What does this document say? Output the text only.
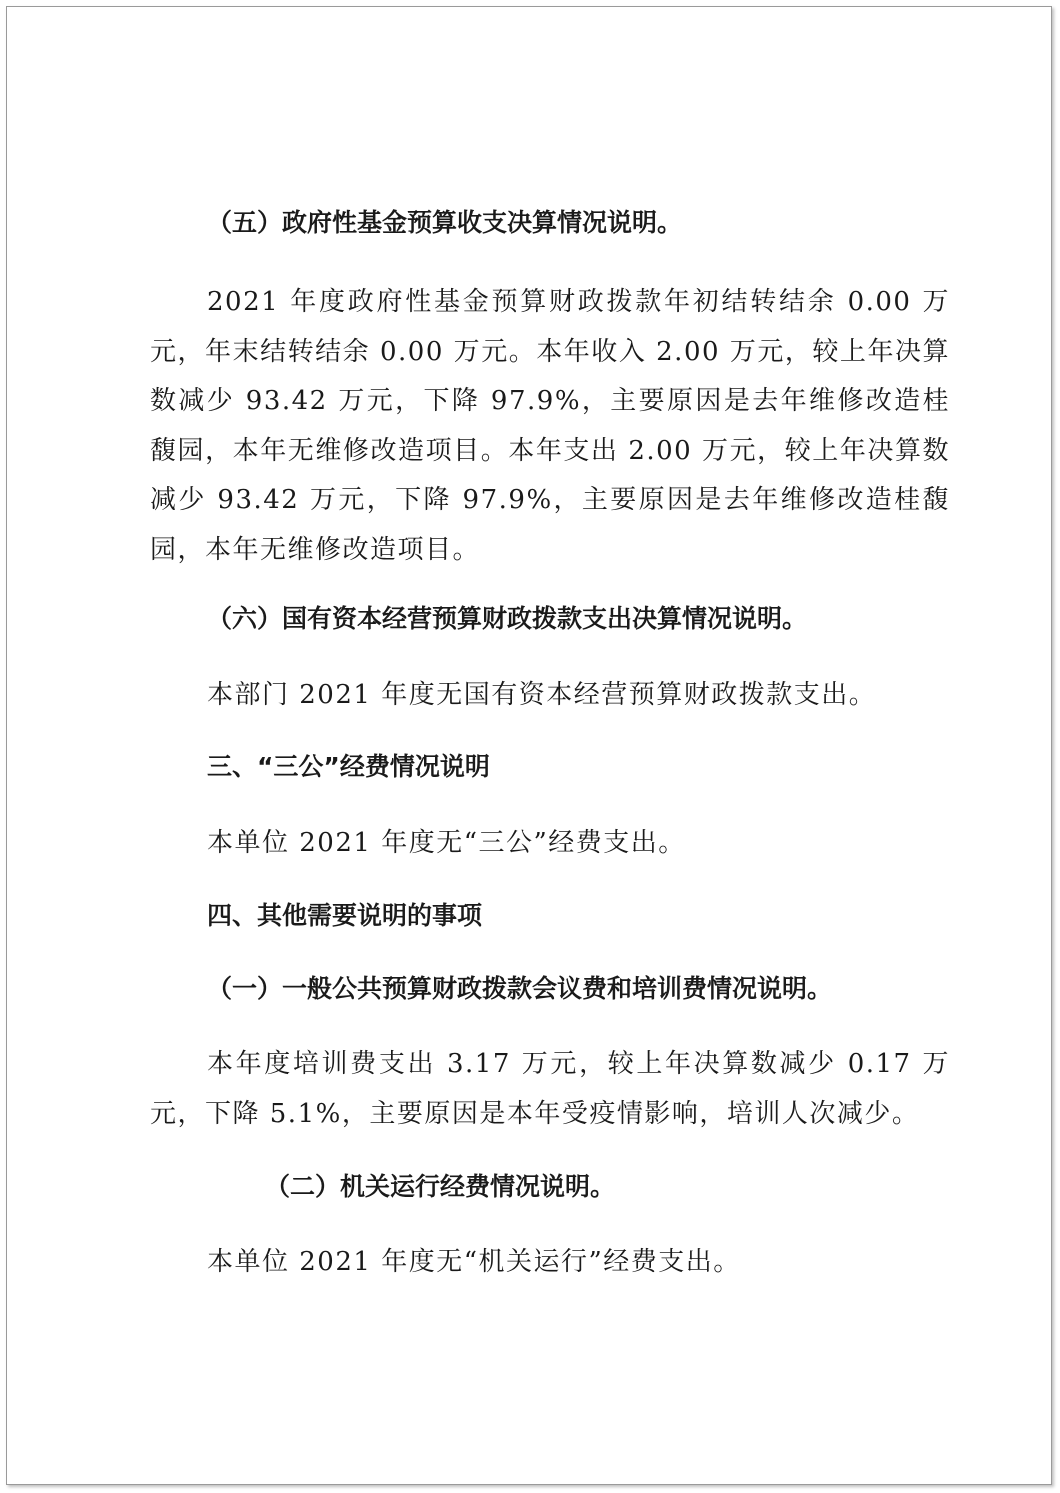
（五）政府性基金预算收支决算情况说明。

2021 年度政府性基金预算财政拨款年初结转结余 0.00 万元，年末结转结余 0.00 万元。本年收入 2.00 万元，较上年决算数减少 93.42 万元，下降 97.9%，主要原因是去年维修改造桂馥园，本年无维修改造项目。本年支出 2.00 万元，较上年决算数减少 93.42 万元，下降 97.9%，主要原因是去年维修改造桂馥园，本年无维修改造项目。

（六）国有资本经营预算财政拨款支出决算情况说明。

本部门 2021 年度无国有资本经营预算财政拨款支出。

三、“三公”经费情况说明

本单位 2021 年度无“三公”经费支出。

四、其他需要说明的事项

（一）一般公共预算财政拨款会议费和培训费情况说明。

本年度培训费支出 3.17 万元，较上年决算数减少 0.17 万元，下降 5.1%，主要原因是本年受疫情影响，培训人次减少。

（二）机关运行经费情况说明。

本单位 2021 年度无“机关运行”经费支出。
